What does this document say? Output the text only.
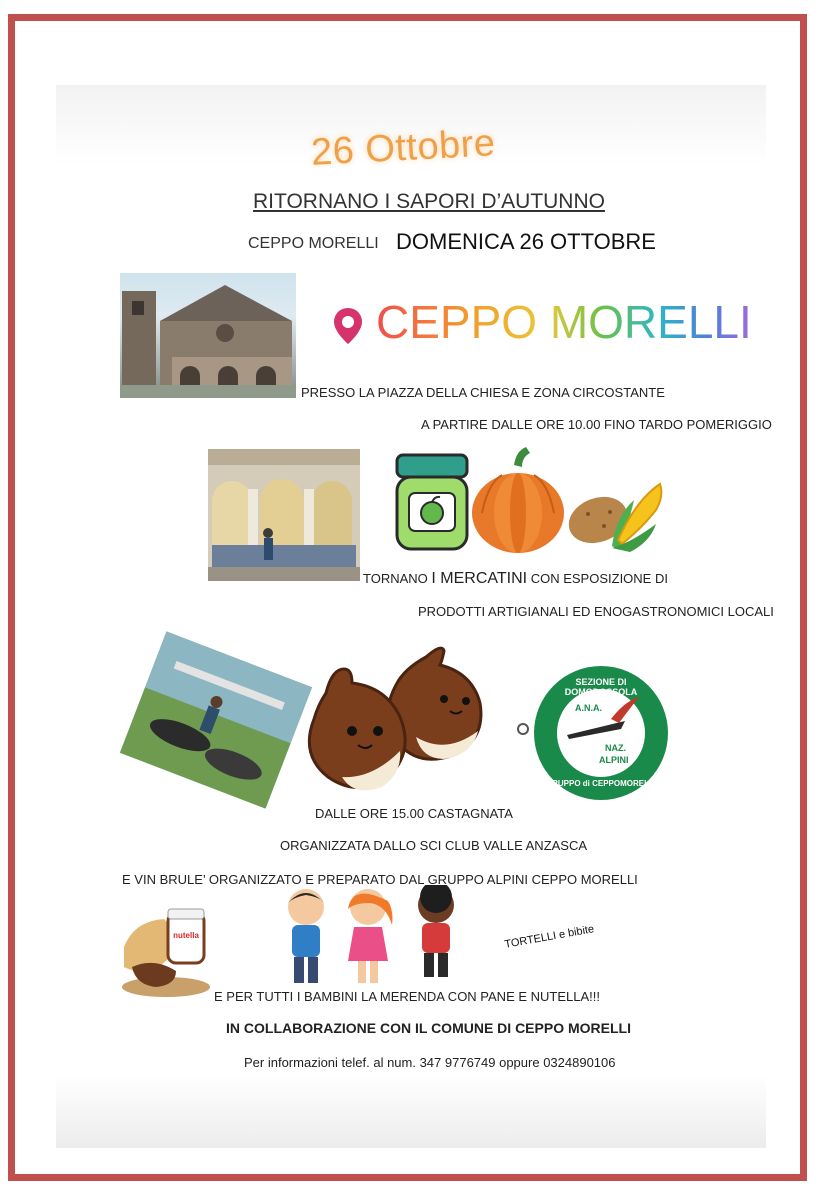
26 Ottobre
RITORNANO I SAPORI D’AUTUNNO
CEPPO MORELLI DOMENICA 26 OTTOBRE
CEPPO MORELLI
PRESSO LA PIAZZA DELLA CHIESA E ZONA CIRCOSTANTE
A PARTIRE DALLE ORE 10.00 FINO TARDO POMERIGGIO
TORNANO I MERCATINI CON ESPOSIZIONE DI
PRODOTTI ARTIGIANALI ED ENOGASTRONOMICI LOCALI
SEZIONE DI DOMODOSSOLA
GRUPPO di CEPPOMORELLI
A.N.A.
NAZ.
ALPINI
DALLE ORE 15.00 CASTAGNATA
ORGANIZZATA DALLO SCI CLUB VALLE ANZASCA
E VIN BRULE’ ORGANIZZATO E PREPARATO DAL GRUPPO ALPINI CEPPO MORELLI
nutella	TORTELLI e bibite
E PER TUTTI I BAMBINI LA MERENDA CON PANE E NUTELLA!!!
IN COLLABORAZIONE CON IL COMUNE DI CEPPO MORELLI
Per informazioni telef. al num. 347 9776749 oppure 0324890106
